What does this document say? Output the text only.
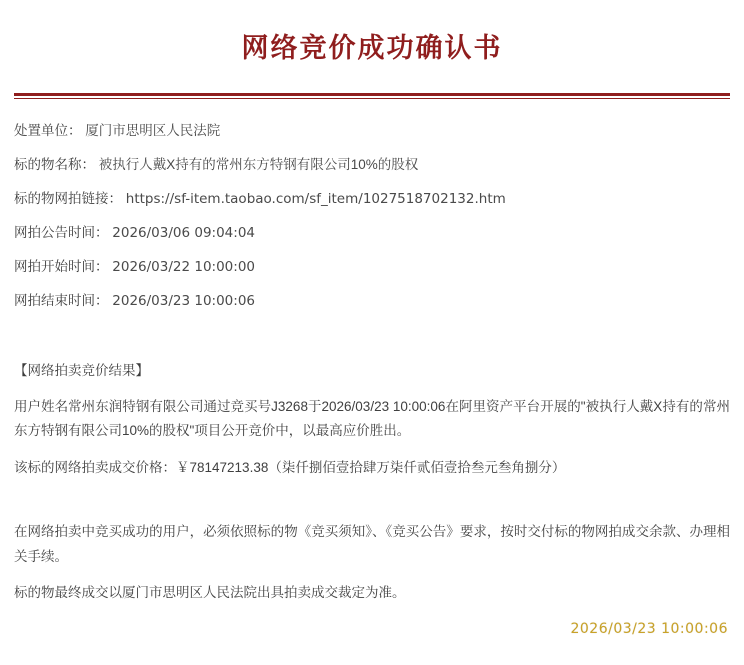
网络竞价成功确认书
处置单位： 厦门市思明区人民法院
标的物名称： 被执行人戴X持有的常州东方特钢有限公司10%的股权
标的物网拍链接： https://sf-item.taobao.com/sf_item/1027518702132.htm
网拍公告时间： 2026/03/06 09:04:04
网拍开始时间： 2026/03/22 10:00:00
网拍结束时间： 2026/03/23 10:00:06
【网络拍卖竞价结果】
用户姓名常州东润特钢有限公司通过竞买号J3268于2026/03/23 10:00:06在阿里资产平台开展的"被执行人戴X持有的常州东方特钢有限公司10%的股权"项目公开竞价中，以最高应价胜出。
该标的网络拍卖成交价格：￥78147213.38（柒仟捌佰壹拾肆万柒仟贰佰壹拾叁元叁角捌分）
在网络拍卖中竞买成功的用户，必须依照标的物《竞买须知》、《竞买公告》要求，按时交付标的物网拍成交余款、办理相关手续。
标的物最终成交以厦门市思明区人民法院出具拍卖成交裁定为准。
2026/03/23 10:00:06
